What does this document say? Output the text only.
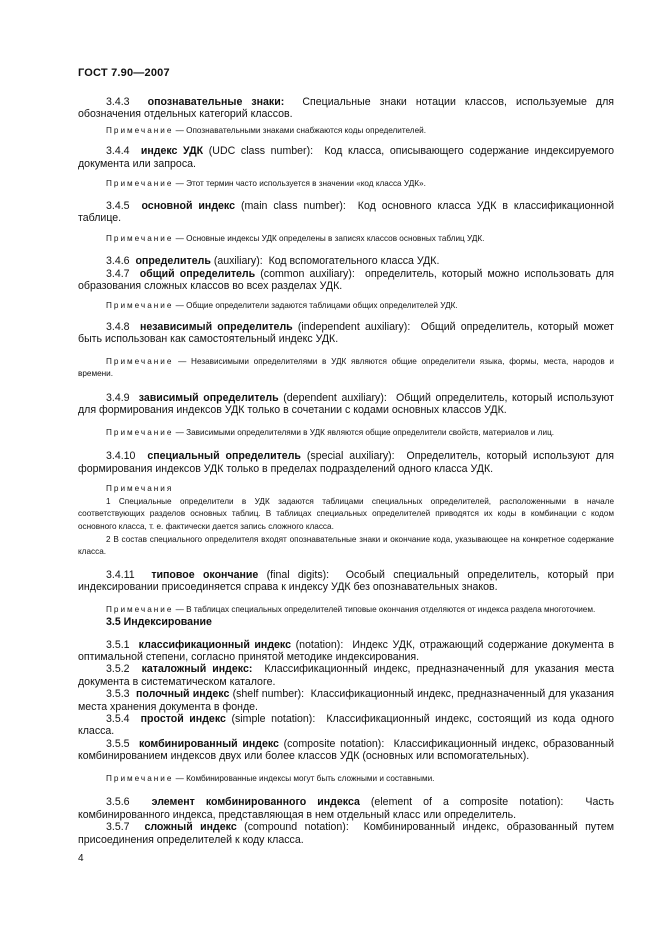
ГОСТ 7.90—2007

3.4.3 опознавательные знаки: Специальные знаки нотации классов, используемые для обозначения отдельных категорий классов.

Примечание — Опознавательными знаками снабжаются коды определителей.

3.4.4 индекс УДК (UDC class number): Код класса, описывающего содержание индексируемого документа или запроса.

Примечание — Этот термин часто используется в значении «код класса УДК».

3.4.5 основной индекс (main class number): Код основного класса УДК в классификационной таблице.

Примечание — Основные индексы УДК определены в записях классов основных таблиц УДК.

3.4.6 определитель (auxiliary): Код вспомогательного класса УДК.

3.4.7 общий определитель (common auxiliary): определитель, который можно использовать для образования сложных классов во всех разделах УДК.

Примечание — Общие определители задаются таблицами общих определителей УДК.

3.4.8 независимый определитель (independent auxiliary): Общий определитель, который может быть использован как самостоятельный индекс УДК.

Примечание — Независимыми определителями в УДК являются общие определители языка, формы, места, народов и времени.

3.4.9 зависимый определитель (dependent auxiliary): Общий определитель, который используют для формирования индексов УДК только в сочетании с кодами основных классов УДК.

Примечание — Зависимыми определителями в УДК являются общие определители свойств, материалов и лиц.

3.4.10 специальный определитель (special auxiliary): Определитель, который используют для формирования индексов УДК только в пределах подразделений одного класса УДК.

Примечания

1 Специальные определители в УДК задаются таблицами специальных определителей, расположенными в начале соответствующих разделов основных таблиц. В таблицах специальных определителей приводятся их коды в комбинации с кодом основного класса, т. е. фактически дается запись сложного класса.

2 В состав специального определителя входят опознавательные знаки и окончание кода, указывающее на конкретное содержание класса.

3.4.11 типовое окончание (final digits): Особый специальный определитель, который при индексировании присоединяется справа к индексу УДК без опознавательных знаков.

Примечание — В таблицах специальных определителей типовые окончания отделяются от индекса раздела многоточием.

3.5 Индексирование

3.5.1 классификационный индекс (notation): Индекс УДК, отражающий содержание документа в оптимальной степени, согласно принятой методике индексирования.

3.5.2 каталожный индекс: Классификационный индекс, предназначенный для указания места документа в систематическом каталоге.

3.5.3 полочный индекс (shelf number): Классификационный индекс, предназначенный для указания места хранения документа в фонде.

3.5.4 простой индекс (simple notation): Классификационный индекс, состоящий из кода одного класса.

3.5.5 комбинированный индекс (composite notation): Классификационный индекс, образованный комбинированием индексов двух или более классов УДК (основных или вспомогательных).

Примечание — Комбинированные индексы могут быть сложными и составными.

3.5.6 элемент комбинированного индекса (element of a composite notation): Часть комбинированного индекса, представляющая в нем отдельный класс или определитель.

3.5.7 сложный индекс (compound notation): Комбинированный индекс, образованный путем присоединения определителей к коду класса.

4
